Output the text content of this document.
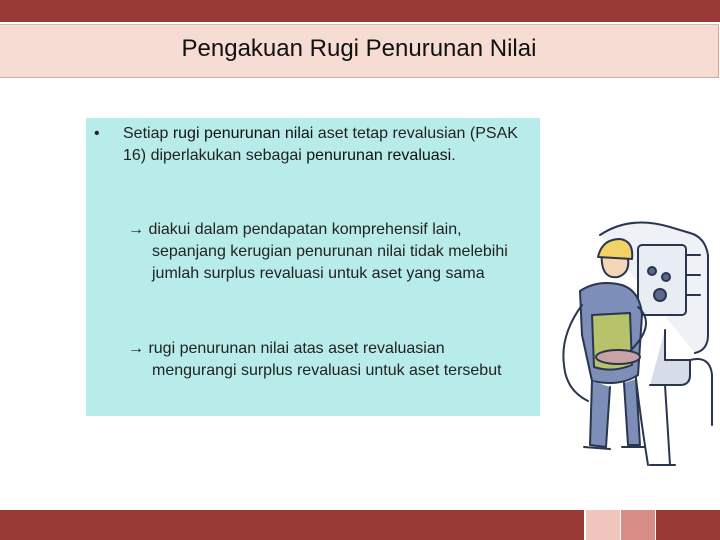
Pengakuan Rugi Penurunan Nilai
•	Setiap rugi penurunan nilai aset tetap revalusian (PSAK 16) diperlakukan sebagai penurunan revaluasi.
→ diakui dalam pendapatan komprehensif lain,
sepanjang kerugian penurunan nilai tidak melebihi jumlah surplus revaluasi untuk aset yang sama
→ rugi penurunan nilai atas aset revaluasian
mengurangi surplus revaluasi untuk aset tersebut
